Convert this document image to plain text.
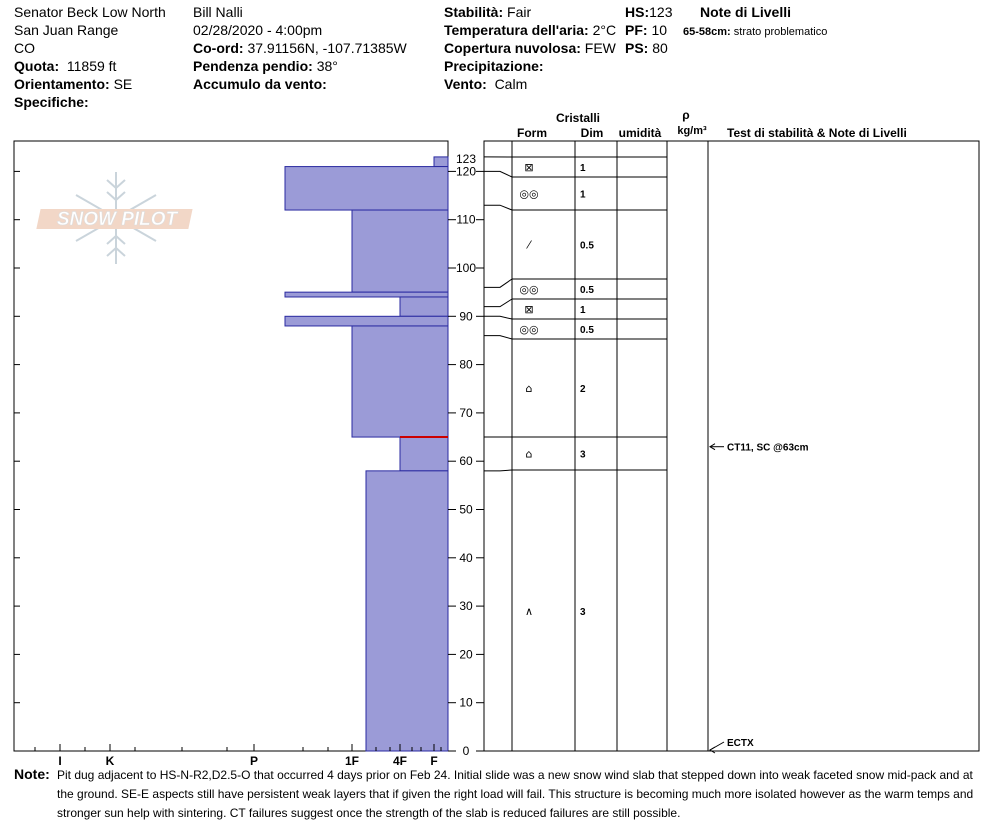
Senator Beck Low North
San Juan Range
CO
Quota: 11859 ft
Orientamento: SE
Specifiche:
Bill Nalli
02/28/2020 - 4:00pm
Co-ord: 37.91156N, -107.71385W
Pendenza pendio: 38°
Accumulo da vento:
Stabilità: Fair
Temperatura dell'aria: 2°C
Copertura nuvolosa: FEW
Precipitazione:
Vento: Calm
HS:123
PF: 10
PS: 80
Note di Livelli
65-58cm: strato problematico
SNOW PILOT
I	K	P	1F	4F F
0
10
20
30
40
50
60
70
80
90
100
110
120
123
Cristalli
Form	Dim umidità
ρ
kg/m³ Test di stabilità & Note di Livelli
⊠	1
◎◎	1
⁄	0.5
◎◎	0.5
⊠	1
◎◎	0.5
⌂	2
⌂	3
∧	3
CT11, SC @63cm
ECTX
Note: Pit dug adjacent to HS-N-R2,D2.5-O that occurred 4 days prior on Feb 24. Initial slide was a new snow wind slab that stepped down into weak faceted snow mid-pack and at the ground. SE-E aspects still have persistent weak layers that if given the right load will fail. This structure is becoming much more isolated however as the warm temps and stronger sun help with sintering. CT failures suggest once the strength of the slab is reduced failures are still possible.
